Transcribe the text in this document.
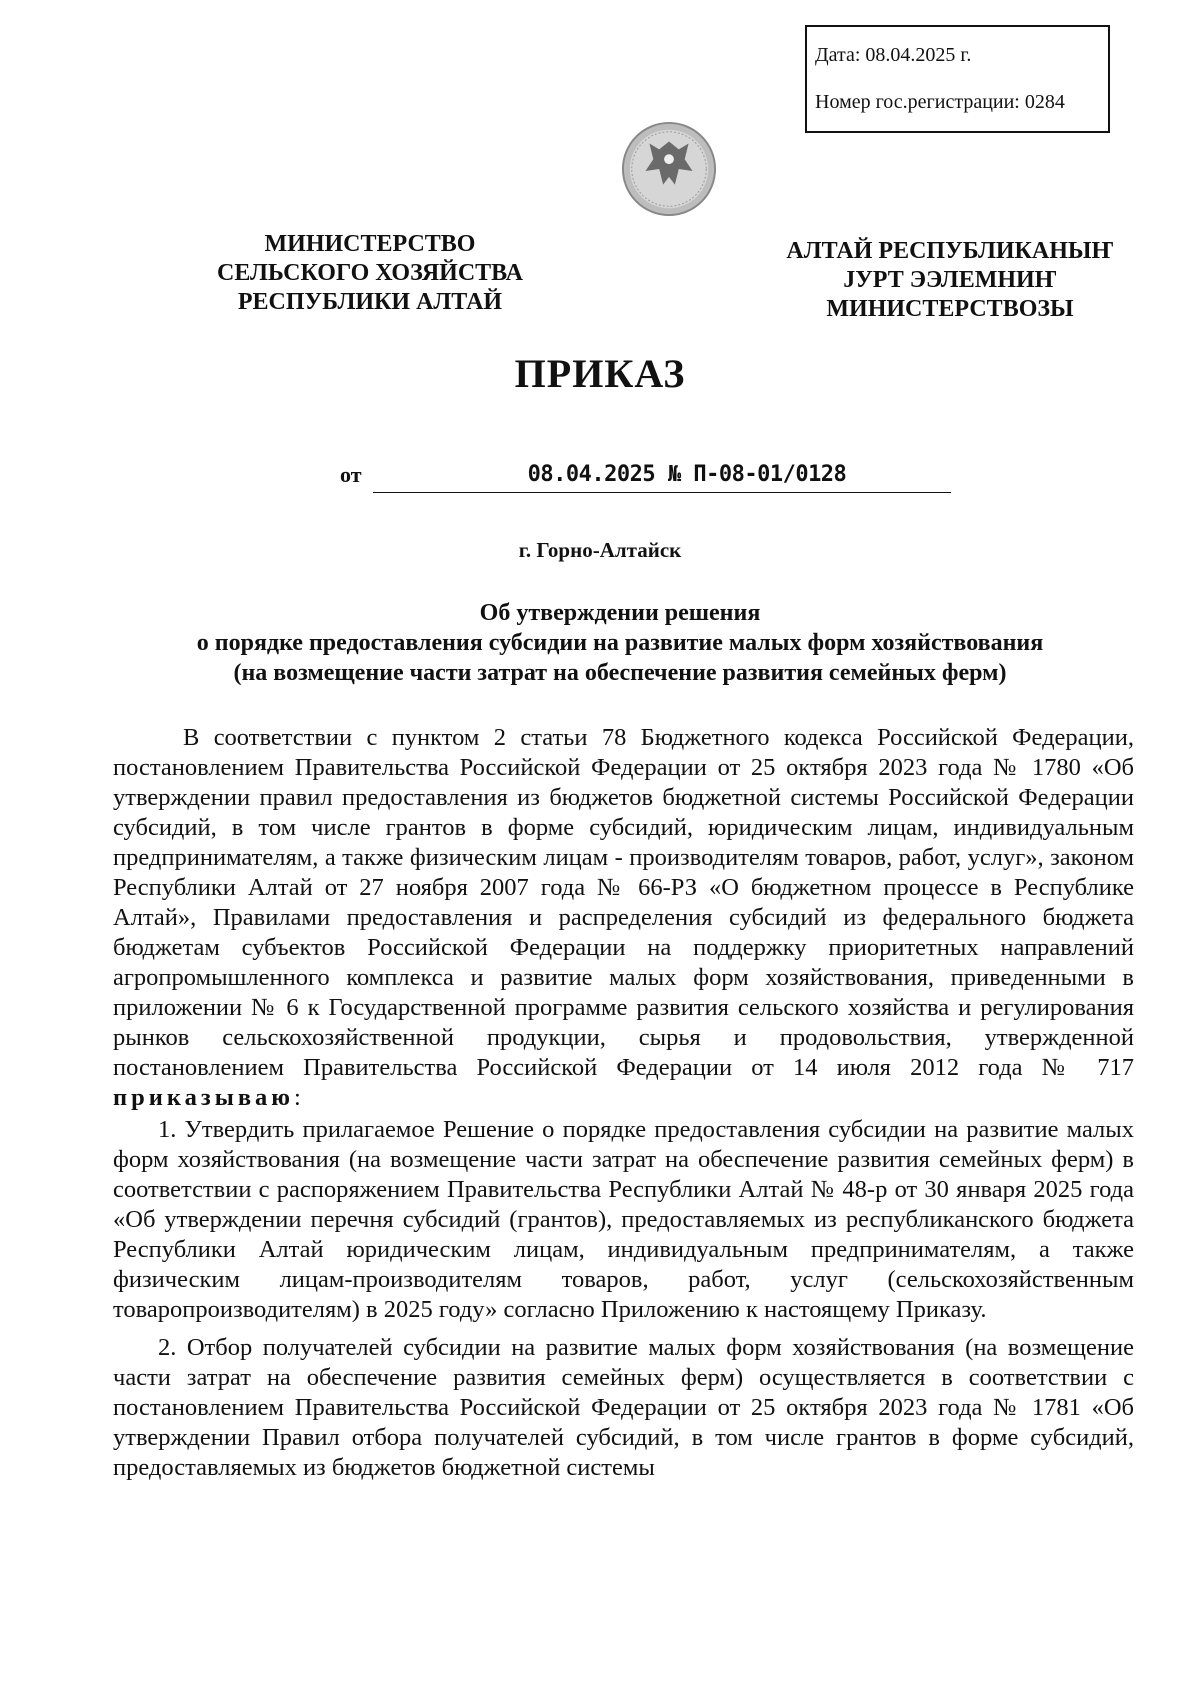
Дата: 08.04.2025 г.
Номер гос.регистрации: 0284
МИНИСТЕРСТВО
СЕЛЬСКОГО ХОЗЯЙСТВА
РЕСПУБЛИКИ АЛТАЙ
АЛТАЙ РЕСПУБЛИКАНЫҤ
ЈУРТ ЭЭЛЕМНИҤ
МИНИСТЕРСТВОЗЫ
ПРИКАЗ
от	08.04.2025 № П-08-01/0128
г. Горно-Алтайск
Об утверждении решения
о порядке предоставления субсидии на развитие малых форм хозяйствования
(на возмещение части затрат на обеспечение развития семейных ферм)

В соответствии с пунктом 2 статьи 78 Бюджетного кодекса Российской Федерации, постановлением Правительства Российской Федерации от 25 октября 2023 года № 1780 «Об утверждении правил предоставления из бюджетов бюджетной системы Российской Федерации субсидий, в том числе грантов в форме субсидий, юридическим лицам, индивидуальным предпринимателям, а также физическим лицам - производителям товаров, работ, услуг», законом Республики Алтай от 27 ноября 2007 года № 66-РЗ «О бюджетном процессе в Республике Алтай», Правилами предоставления и распределения субсидий из федерального бюджета бюджетам субъектов Российской Федерации на поддержку приоритетных направлений агропромышленного комплекса и развитие малых форм хозяйствования, приведенными в приложении № 6 к Государственной программе развития сельского хозяйства и регулирования рынков сельскохозяйственной продукции, сырья и продовольствия, утвержденной постановлением Правительства Российской Федерации от 14 июля 2012 года № 717 приказываю:

1. Утвердить прилагаемое Решение о порядке предоставления субсидии на развитие малых форм хозяйствования (на возмещение части затрат на обеспечение развития семейных ферм) в соответствии с распоряжением Правительства Республики Алтай № 48-р от 30 января 2025 года «Об утверждении перечня субсидий (грантов), предоставляемых из республиканского бюджета Республики Алтай юридическим лицам, индивидуальным предпринимателям, а также физическим лицам-производителям товаров, работ, услуг (сельскохозяйственным товаропроизводителям) в 2025 году» согласно Приложению к настоящему Приказу.

2. Отбор получателей субсидии на развитие малых форм хозяйствования (на возмещение части затрат на обеспечение развития семейных ферм) осуществляется в соответствии с постановлением Правительства Российской Федерации от 25 октября 2023 года № 1781 «Об утверждении Правил отбора получателей субсидий, в том числе грантов в форме субсидий, предоставляемых из бюджетов бюджетной системы
